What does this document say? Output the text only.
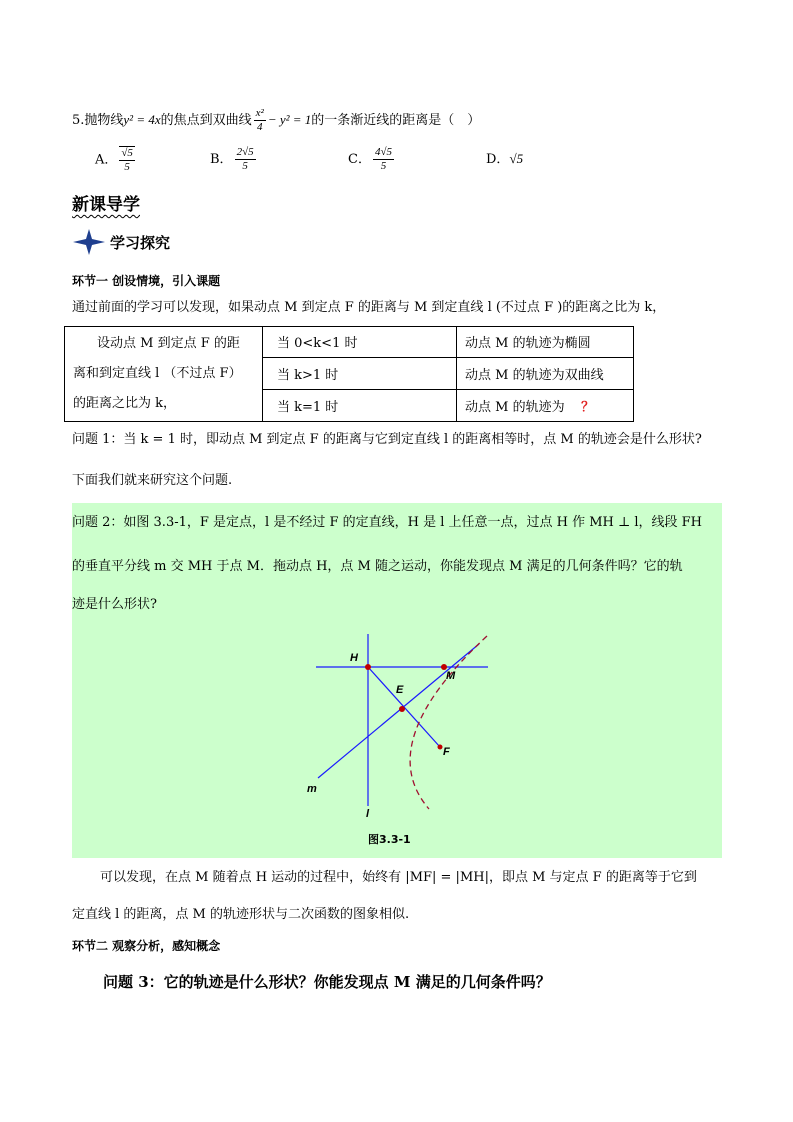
5.抛物线y² = 4x的焦点到双曲线 $\frac{\text{x²}}{4} - y^2 = 1$的一条渐近线的距离是（　）
A． $\frac{√5}{5}$	B． $\frac{2√5}{5}$	C． $\frac{4√5}{5}$	D．√5
新课导学
学习探究
环节一 创设情境，引入课题
通过前面的学习可以发现，如果动点 M 到定点 F 的距离与 M 到定直线 l (不过点 F )的距离之比为 k，
设动点 M 到定点 F 的距
离和到定直线 l （不过点 F）
的距离之比为 k，	当 0<k<1 时	动点 M 的轨迹为椭圆
	当 k>1 时	动点 M 的轨迹为双曲线
	当 k=1 时	动点 M 的轨迹为 ？
问题 1：当 k = 1 时，即动点 M 到定点 F 的距离与它到定直线 l 的距离相等时，点 M 的轨迹会是什么形状?
下面我们就来研究这个问题.
问题 2：如图 3.3-1，F 是定点，l 是不经过 F 的定直线，H 是 l 上任意一点，过点 H 作 MH ⊥ l，线段 FH
的垂直平分线 m 交 MH 于点 M．拖动点 H，点 M 随之运动，你能发现点 M 满足的几何条件吗？它的轨
迹是什么形状?
H
M
E
F
m
l
图3.3-1
可以发现，在点 M 随着点 H 运动的过程中，始终有 |MF| = |MH|，即点 M 与定点 F 的距离等于它到
定直线 l 的距离，点 M 的轨迹形状与二次函数的图象相似.
环节二 观察分析，感知概念
问题 3：它的轨迹是什么形状？你能发现点 M 满足的几何条件吗？
